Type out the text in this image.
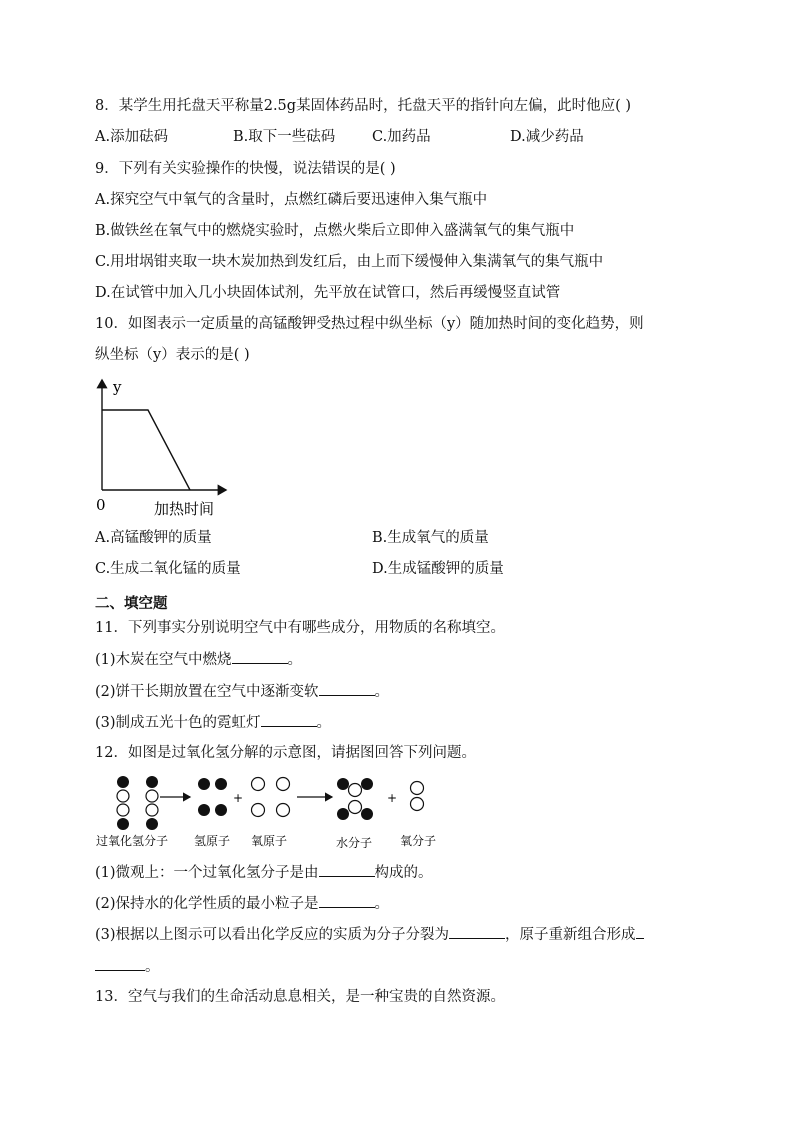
8．某学生用托盘天平称量2.5g某固体药品时，托盘天平的指针向左偏，此时他应( )
A.添加砝码	B.取下一些砝码	C.加药品	D.减少药品
9．下列有关实验操作的快慢，说法错误的是( )
A.探究空气中氧气的含量时，点燃红磷后要迅速伸入集气瓶中
B.做铁丝在氧气中的燃烧实验时，点燃火柴后立即伸入盛满氧气的集气瓶中
C.用坩埚钳夹取一块木炭加热到发红后，由上而下缓慢伸入集满氧气的集气瓶中
D.在试管中加入几小块固体试剂，先平放在试管口，然后再缓慢竖直试管
10．如图表示一定质量的高锰酸钾受热过程中纵坐标（y）随加热时间的变化趋势，则
纵坐标（y）表示的是( )
y
0	加热时间
A.高锰酸钾的质量	B.生成氧气的质量
C.生成二氧化锰的质量	D.生成锰酸钾的质量
二、填空题
11．下列事实分别说明空气中有哪些成分，用物质的名称填空。
(1)木炭在空气中燃烧	。
(2)饼干长期放置在空气中逐渐变软	。
(3)制成五光十色的霓虹灯	。
12．如图是过氧化氢分解的示意图，请据图回答下列问题。
+	+
过氧化氢分子 氢原子 氧原子	水分子 氧分子
(1)微观上：一个过氧化氢分子是由	构成的。
(2)保持水的化学性质的最小粒子是	。
(3)根据以上图示可以看出化学反应的实质为分子分裂为	，原子重新组合形成
。
13．空气与我们的生命活动息息相关，是一种宝贵的自然资源。
